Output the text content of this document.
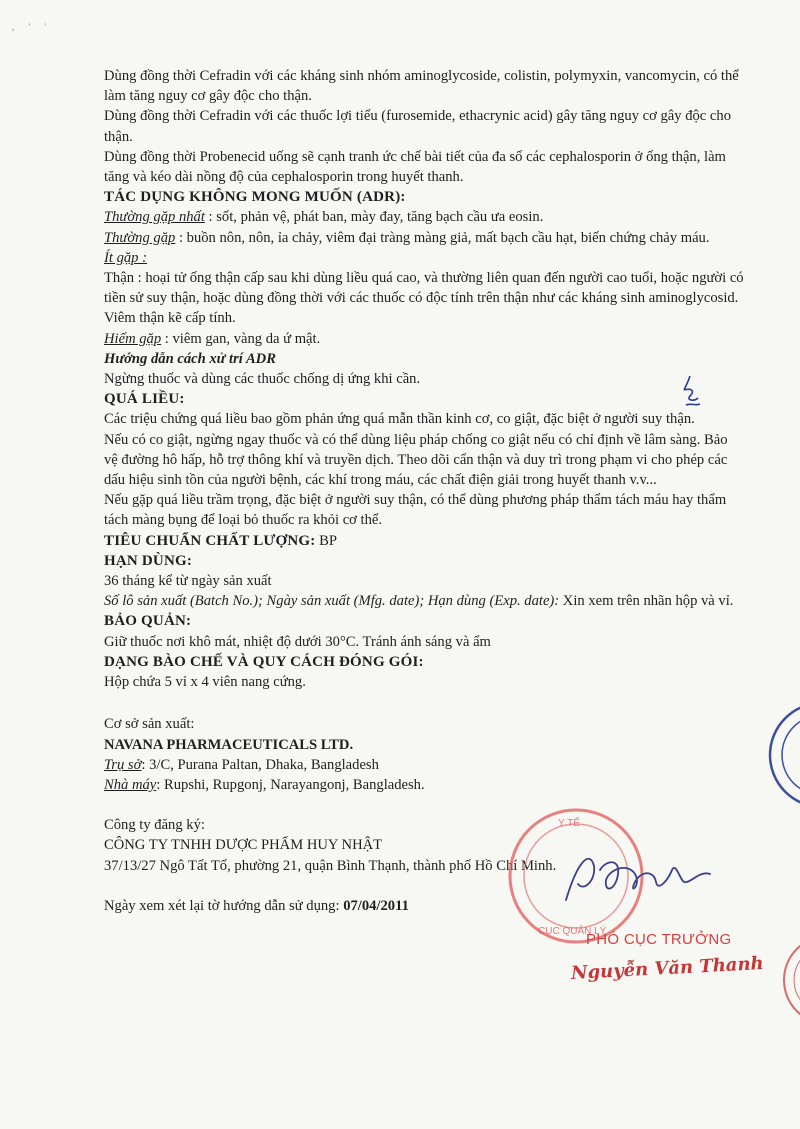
, ' '

Dùng đồng thời Cefradin với các kháng sinh nhóm aminoglycoside, colistin, polymyxin, vancomycin, có thể làm tăng nguy cơ gây độc cho thận.

Dùng đồng thời Cefradin với các thuốc lợi tiểu (furosemide, ethacrynic acid) gây tăng nguy cơ gây độc cho thận.

Dùng đồng thời Probenecid uống sẽ cạnh tranh ức chế bài tiết của đa số các cephalosporin ở ống thận, làm tăng và kéo dài nồng độ của cephalosporin trong huyết thanh.

TÁC DỤNG KHÔNG MONG MUỐN (ADR):

Thường gặp nhất : sốt, phản vệ, phát ban, mày đay, tăng bạch cầu ưa eosin.

Thường gặp : buồn nôn, nôn, ỉa chảy, viêm đại tràng màng giả, mất bạch cầu hạt, biến chứng chảy máu.

Ít gặp :

Thận : hoại tử ống thận cấp sau khi dùng liều quá cao, và thường liên quan đến người cao tuổi, hoặc người có tiền sử suy thận, hoặc dùng đồng thời với các thuốc có độc tính trên thận như các kháng sinh aminoglycosid.

Viêm thận kẽ cấp tính.

Hiếm gặp : viêm gan, vàng da ứ mật.

Hướng dẫn cách xử trí ADR

Ngừng thuốc và dùng các thuốc chống dị ứng khi cần.

QUÁ LIỀU:

Các triệu chứng quá liều bao gồm phản ứng quá mẫn thần kinh cơ, co giật, đặc biệt ở người suy thận.

Nếu có co giật, ngừng ngay thuốc và có thể dùng liệu pháp chống co giật nếu có chỉ định về lâm sàng. Bảo vệ đường hô hấp, hỗ trợ thông khí và truyền dịch. Theo dõi cẩn thận và duy trì trong phạm vi cho phép các dấu hiệu sinh tồn của người bệnh, các khí trong máu, các chất điện giải trong huyết thanh v.v...

Nếu gặp quá liều trầm trọng, đặc biệt ở người suy thận, có thể dùng phương pháp thẩm tách máu hay thẩm tách màng bụng để loại bỏ thuốc ra khỏi cơ thể.

TIÊU CHUẨN CHẤT LƯỢNG: BP

HẠN DÙNG:

36 tháng kể từ ngày sản xuất

Số lô sản xuất (Batch No.); Ngày sản xuất (Mfg. date); Hạn dùng (Exp. date): Xin xem trên nhãn hộp và vỉ.

BẢO QUẢN:

Giữ thuốc nơi khô mát, nhiệt độ dưới 30°C. Tránh ánh sáng và ẩm

DẠNG BÀO CHẾ VÀ QUY CÁCH ĐÓNG GÓI:

Hộp chứa 5 vỉ x 4 viên nang cứng.

Cơ sở sản xuất:

NAVANA PHARMACEUTICALS LTD.

Trụ sở: 3/C, Purana Paltan, Dhaka, Bangladesh

Nhà máy: Rupshi, Rupgonj, Narayangonj, Bangladesh.

Công ty đăng ký:

CÔNG TY TNHH DƯỢC PHẨM HUY NHẬT

37/13/27 Ngô Tất Tố, phường 21, quận Bình Thạnh, thành phố Hồ Chí Minh.

Ngày xem xét lại tờ hướng dẫn sử dụng: 07/04/2011

Y TẾ
CỤC QUẢN LÝ
PHÓ CỤC TRƯỞNG
Nguyễn Văn Thanh
